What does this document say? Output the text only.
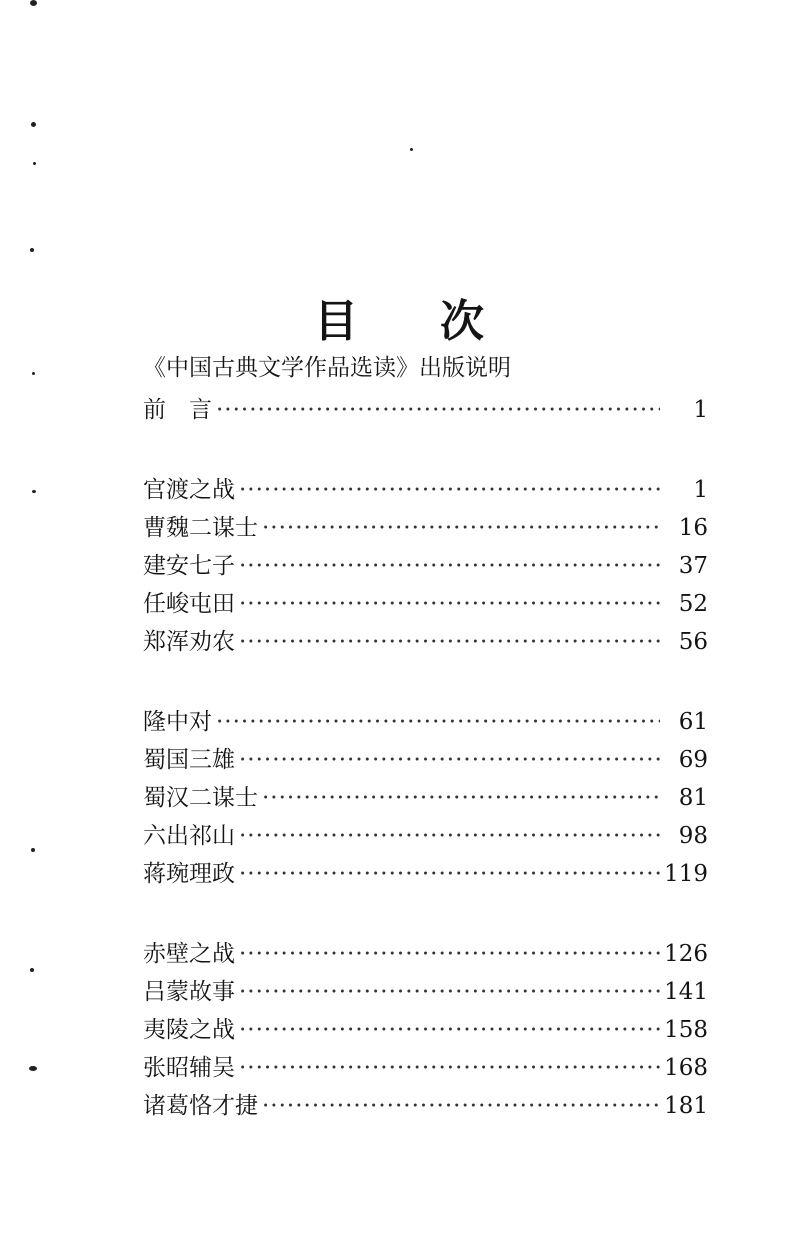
目 次
《中国古典文学作品选读》出版说明
前　言 ·····	1
官渡之战 ·····	1
曹魏二谋士 ·····	16
建安七子 ·····	37
任峻屯田 ·····	52
郑浑劝农 ·····	56
隆中对 ·····	61
蜀国三雄 ·····	69
蜀汉二谋士 ·····	81
六出祁山 ·····	98
蒋琬理政 ·····	119
赤壁之战 ·····	126
吕蒙故事 ·····	141
夷陵之战 ·····	158
张昭辅吴 ·····	168
诸葛恪才捷 ·····	181
